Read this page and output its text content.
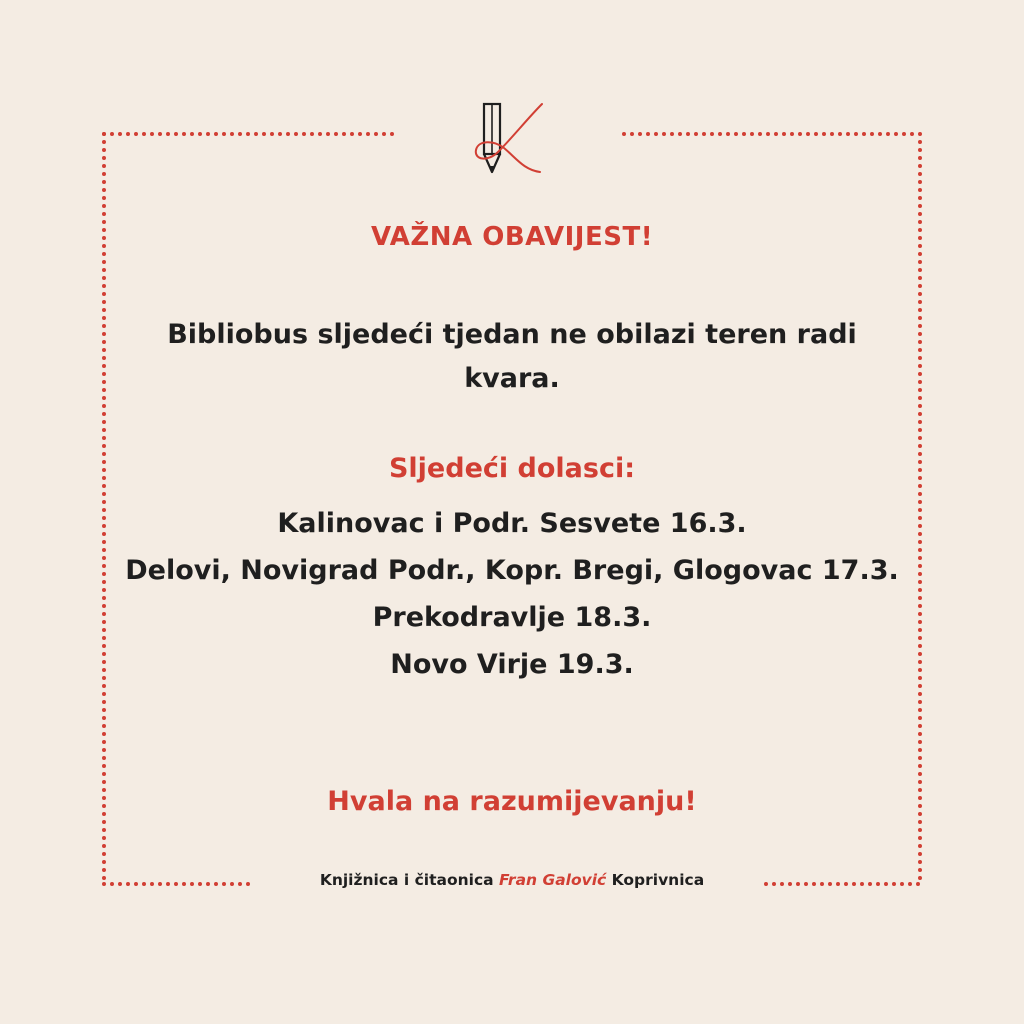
VAŽNA OBAVIJEST!
Bibliobus sljedeći tjedan ne obilazi teren radi kvara.
Sljedeći dolasci:
Kalinovac i Podr. Sesvete 16.3.
Delovi, Novigrad Podr., Kopr. Bregi, Glogovac 17.3.
Prekodravlje 18.3.
Novo Virje 19.3.
Hvala na razumijevanju!
Knjižnica i čitaonica Fran Galović Koprivnica
